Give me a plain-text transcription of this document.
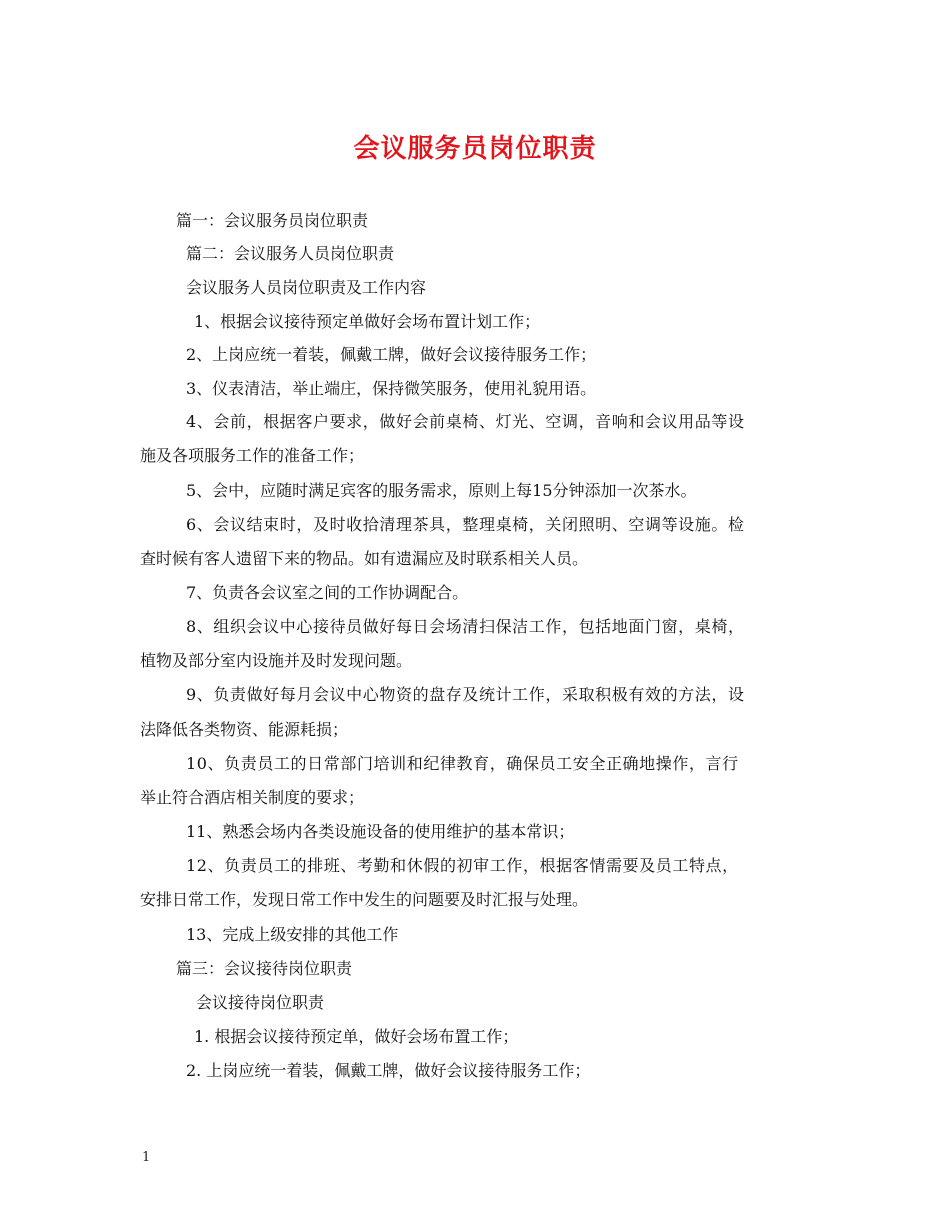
会议服务员岗位职责
篇一：会议服务员岗位职责
篇二：会议服务人员岗位职责
会议服务人员岗位职责及工作内容
1、根据会议接待预定单做好会场布置计划工作；
2、上岗应统一着装，佩戴工牌，做好会议接待服务工作；
3、仪表清洁，举止端庄，保持微笑服务，使用礼貌用语。
4、会前，根据客户要求，做好会前桌椅、灯光、空调，音响和会议用品等设
施及各项服务工作的准备工作；
5、会中，应随时满足宾客的服务需求，原则上每15分钟添加一次茶水。
6、会议结束时，及时收拾清理茶具，整理桌椅，关闭照明、空调等设施。检
查时候有客人遗留下来的物品。如有遗漏应及时联系相关人员。
7、负责各会议室之间的工作协调配合。
8、组织会议中心接待员做好每日会场清扫保洁工作，包括地面门窗，桌椅，
植物及部分室内设施并及时发现问题。
9、负责做好每月会议中心物资的盘存及统计工作，采取积极有效的方法，设
法降低各类物资、能源耗损；
10、负责员工的日常部门培训和纪律教育，确保员工安全正确地操作，言行
举止符合酒店相关制度的要求；
11、熟悉会场内各类设施设备的使用维护的基本常识；
12、负责员工的排班、考勤和休假的初审工作，根据客情需要及员工特点，
安排日常工作，发现日常工作中发生的问题要及时汇报与处理。
13、完成上级安排的其他工作
篇三：会议接待岗位职责
会议接待岗位职责
1. 根据会议接待预定单，做好会场布置工作；
2. 上岗应统一着装，佩戴工牌，做好会议接待服务工作；
1
